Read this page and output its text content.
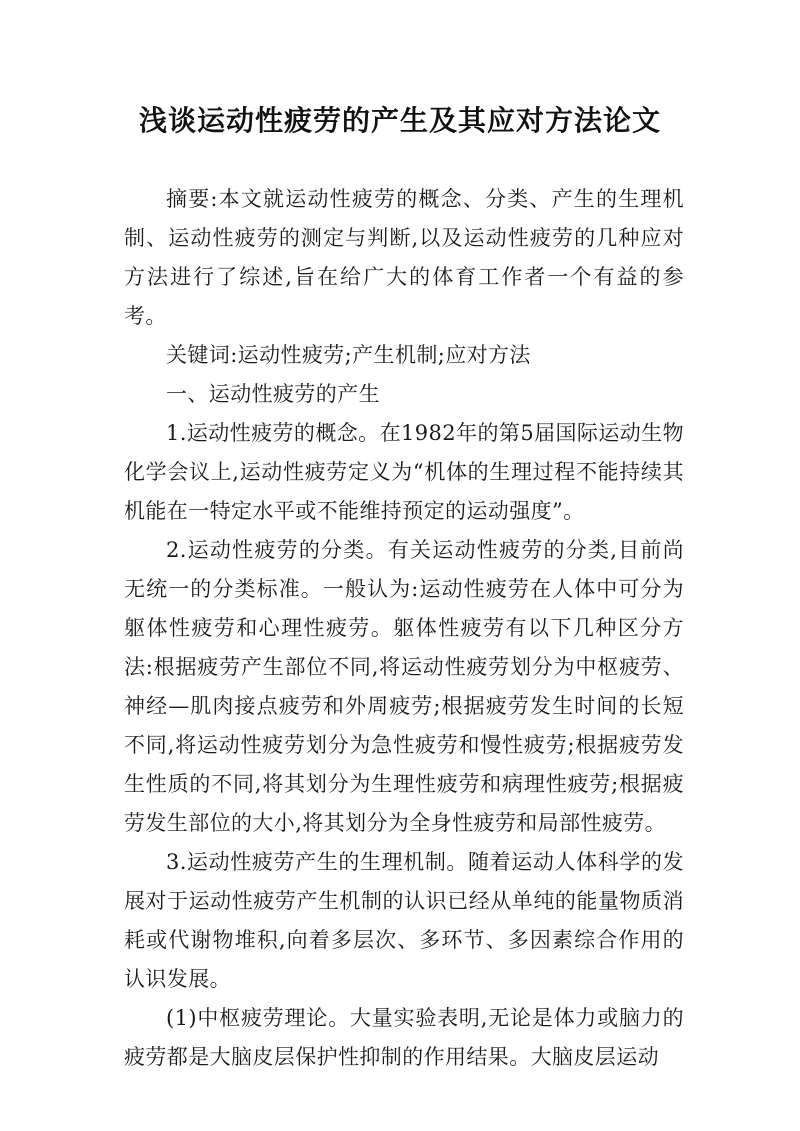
浅谈运动性疲劳的产生及其应对方法论文

摘要:本文就运动性疲劳的概念、分类、产生的生理机制、运动性疲劳的测定与判断,以及运动性疲劳的几种应对方法进行了综述,旨在给广大的体育工作者一个有益的参考。

关键词:运动性疲劳;产生机制;应对方法

一、运动性疲劳的产生

1.运动性疲劳的概念。在1982年的第5届国际运动生物化学会议上,运动性疲劳定义为“机体的生理过程不能持续其机能在一特定水平或不能维持预定的运动强度”。

2.运动性疲劳的分类。有关运动性疲劳的分类,目前尚无统一的分类标准。一般认为:运动性疲劳在人体中可分为躯体性疲劳和心理性疲劳。躯体性疲劳有以下几种区分方法:根据疲劳产生部位不同,将运动性疲劳划分为中枢疲劳、神经—肌肉接点疲劳和外周疲劳;根据疲劳发生时间的长短不同,将运动性疲劳划分为急性疲劳和慢性疲劳;根据疲劳发生性质的不同,将其划分为生理性疲劳和病理性疲劳;根据疲劳发生部位的大小,将其划分为全身性疲劳和局部性疲劳。

3.运动性疲劳产生的生理机制。随着运动人体科学的发展对于运动性疲劳产生机制的认识已经从单纯的能量物质消耗或代谢物堆积,向着多层次、多环节、多因素综合作用的认识发展。

(1)中枢疲劳理论。大量实验表明,无论是体力或脑力的疲劳都是大脑皮层保护性抑制的作用结果。大脑皮层运动
